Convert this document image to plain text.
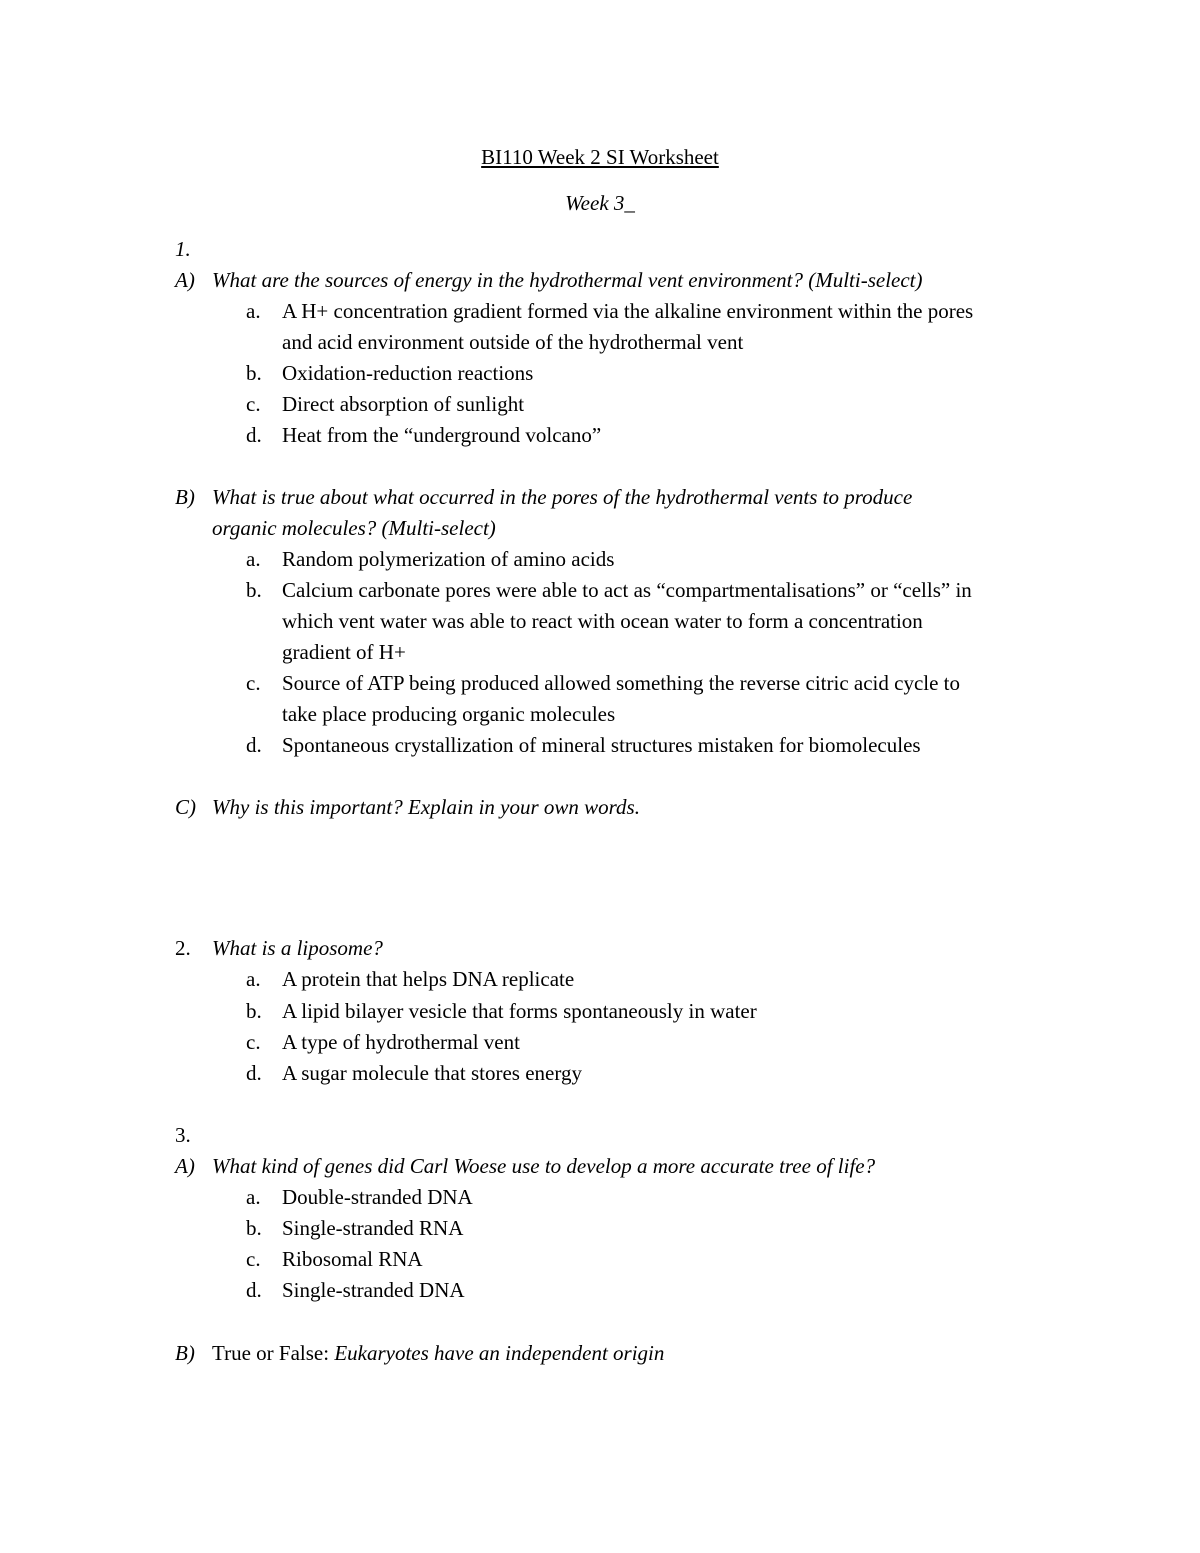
BI110 Week 2 SI Worksheet
Week 3_
1.
A) What are the sources of energy in the hydrothermal vent environment? (Multi-select)
a. A H+ concentration gradient formed via the alkaline environment within the pores
and acid environment outside of the hydrothermal vent
b. Oxidation-reduction reactions
c. Direct absorption of sunlight
d. Heat from the “underground volcano”
B) What is true about what occurred in the pores of the hydrothermal vents to produce
organic molecules? (Multi-select)
a. Random polymerization of amino acids
b. Calcium carbonate pores were able to act as “compartmentalisations” or “cells” in
which vent water was able to react with ocean water to form a concentration
gradient of H+
c. Source of ATP being produced allowed something the reverse citric acid cycle to
take place producing organic molecules
d. Spontaneous crystallization of mineral structures mistaken for biomolecules
C) Why is this important? Explain in your own words.
2. What is a liposome?
a. A protein that helps DNA replicate
b. A lipid bilayer vesicle that forms spontaneously in water
c. A type of hydrothermal vent
d. A sugar molecule that stores energy
3.
A) What kind of genes did Carl Woese use to develop a more accurate tree of life?
a. Double-stranded DNA
b. Single-stranded RNA
c. Ribosomal RNA
d. Single-stranded DNA
B) True or False: Eukaryotes have an independent origin
